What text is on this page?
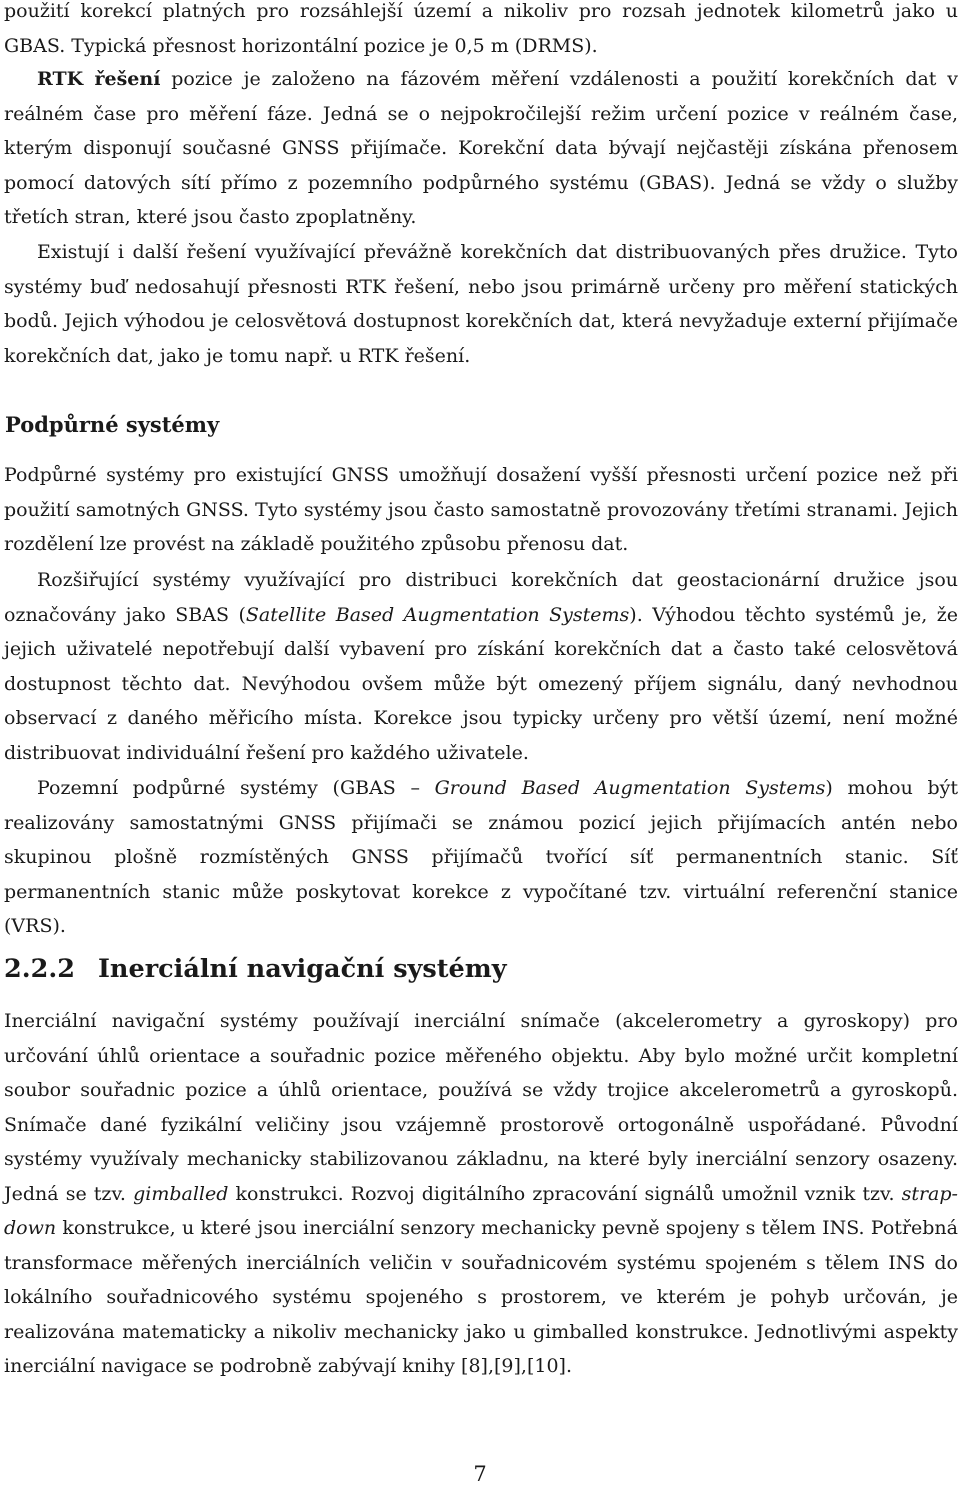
použití korekcí platných pro rozsáhlejší území a nikoliv pro rozsah jednotek kilometrů jako u GBAS. Typická přesnost horizontální pozice je 0,5 m (DRMS).

RTK řešení pozice je založeno na fázovém měření vzdálenosti a použití korekčních dat v reálném čase pro měření fáze. Jedná se o nejpokročilejší režim určení pozice v reálném čase, kterým disponují současné GNSS přijímače. Korekční data bývají nejčastěji získána přenosem pomocí datových sítí přímo z pozemního podpůrného systému (GBAS). Jedná se vždy o služby třetích stran, které jsou často zpoplatněny.

Existují i další řešení využívající převážně korekčních dat distribuovaných přes družice. Tyto systémy buď nedosahují přesnosti RTK řešení, nebo jsou primárně určeny pro měření statických bodů. Jejich výhodou je celosvětová dostupnost korekčních dat, která nevyžaduje externí přijímače korekčních dat, jako je tomu např. u RTK řešení.

Podpůrné systémy

Podpůrné systémy pro existující GNSS umožňují dosažení vyšší přesnosti určení pozice než při použití samotných GNSS. Tyto systémy jsou často samostatně provozovány třetími stranami. Jejich rozdělení lze provést na základě použitého způsobu přenosu dat.

Rozšiřující systémy využívající pro distribuci korekčních dat geostacionární družice jsou označovány jako SBAS (Satellite Based Augmentation Systems). Výhodou těchto systémů je, že jejich uživatelé nepotřebují další vybavení pro získání korekčních dat a často také celosvětová dostupnost těchto dat. Nevýhodou ovšem může být omezený příjem signálu, daný nevhodnou observací z daného měřicího místa. Korekce jsou typicky určeny pro větší území, není možné distribuovat individuální řešení pro každého uživatele.

Pozemní podpůrné systémy (GBAS – Ground Based Augmentation Systems) mohou být realizovány samostatnými GNSS přijímači se známou pozicí jejich přijímacích antén nebo skupinou plošně rozmístěných GNSS přijímačů tvořící síť permanentních stanic. Síť permanentních stanic může poskytovat korekce z vypočítané tzv. virtuální referenční stanice (VRS).

2.2.2 Inerciální navigační systémy

Inerciální navigační systémy používají inerciální snímače (akcelerometry a gyroskopy) pro určování úhlů orientace a souřadnic pozice měřeného objektu. Aby bylo možné určit kompletní soubor souřadnic pozice a úhlů orientace, používá se vždy trojice akcelerometrů a gyroskopů. Snímače dané fyzikální veličiny jsou vzájemně prostorově ortogonálně uspořádané. Původní systémy využívaly mechanicky stabilizovanou základnu, na které byly inerciální senzory osazeny. Jedná se tzv. gimballed konstrukci. Rozvoj digitálního zpracování signálů umožnil vznik tzv. strap-down konstrukce, u které jsou inerciální senzory mechanicky pevně spojeny s tělem INS. Potřebná transformace měřených inerciálních veličin v souřadnicovém systému spojeném s tělem INS do lokálního souřadnicového systému spojeného s prostorem, ve kterém je pohyb určován, je realizována matematicky a nikoliv mechanicky jako u gimballed konstrukce. Jednotlivými aspekty inerciální navigace se podrobně zabývají knihy [8],[9],[10].

7
